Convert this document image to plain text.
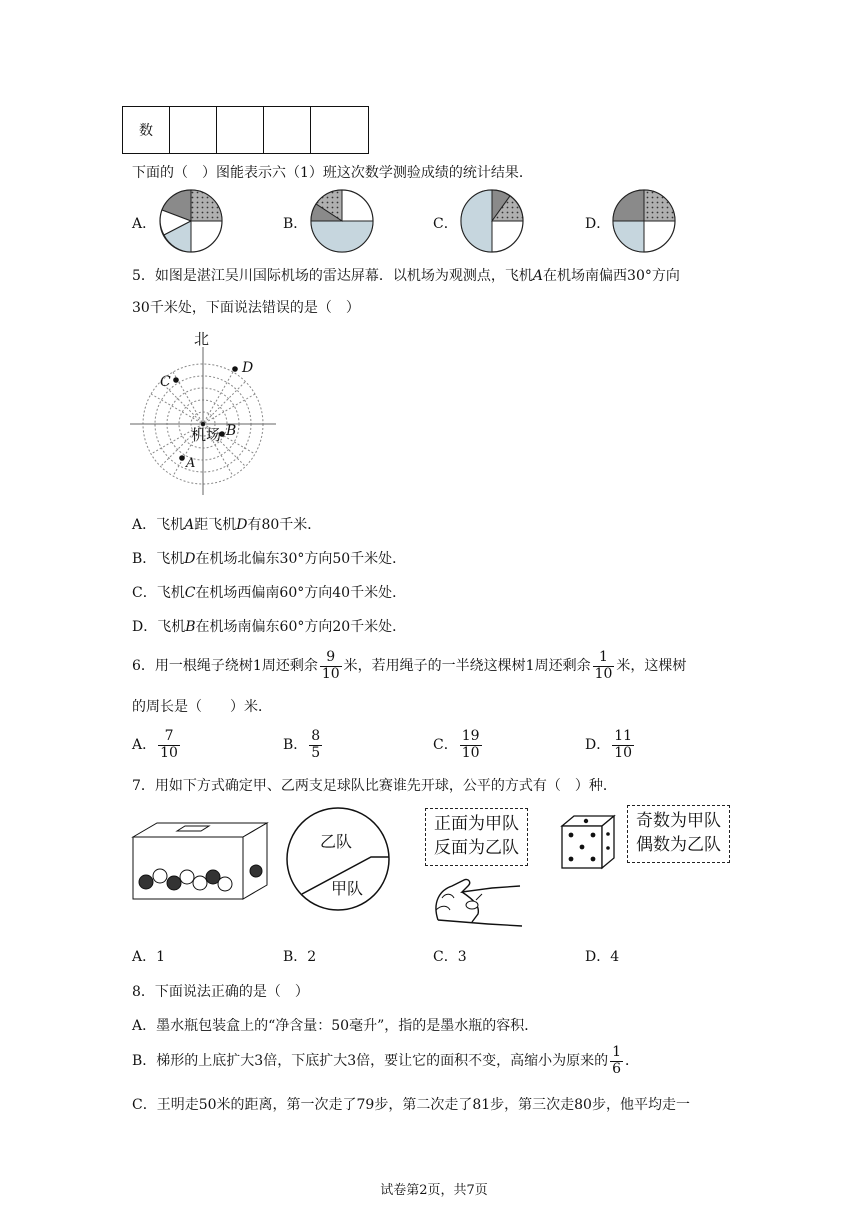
数				
下面的（　）图能表示六（1）班这次数学测验成绩的统计结果．
A．	B．	C．	D．
5．如图是湛江吴川国际机场的雷达屏幕．以机场为观测点，飞机A在机场南偏西30°方向
30千米处，下面说法错误的是（　）
北
机场
A
B
C
D
A．飞机A距飞机D有80千米．
B．飞机D在机场北偏东30°方向50千米处．
C．飞机C在机场西偏南60°方向40千米处．
D．飞机B在机场南偏东60°方向20千米处．
6．用一根绳子绕树1周还剩余 $\frac{9}{10}$ 米，若用绳子的一半绕这棵树1周还剩余 $\frac{1}{10}$ 米，这棵树
的周长是（　　）米．
A． $\frac{7}{10}$	B． $\frac{8}{5}$	C． $\frac{19}{10}$	D． $\frac{11}{10}$
7．用如下方式确定甲、乙两支足球队比赛谁先开球，公平的方式有（　）种．
乙队
甲队
正面为甲队
反面为乙队
奇数为甲队
偶数为乙队
A．1	B．2	C．3	D．4
8．下面说法正确的是（　）
A．墨水瓶包装盒上的“净含量：50毫升”，指的是墨水瓶的容积．
B．梯形的上底扩大3倍，下底扩大3倍，要让它的面积不变，高缩小为原来的 $\frac{1}{6}$ ．
C．王明走50米的距离，第一次走了79步，第二次走了81步，第三次走80步，他平均走一
试卷第2页，共7页
